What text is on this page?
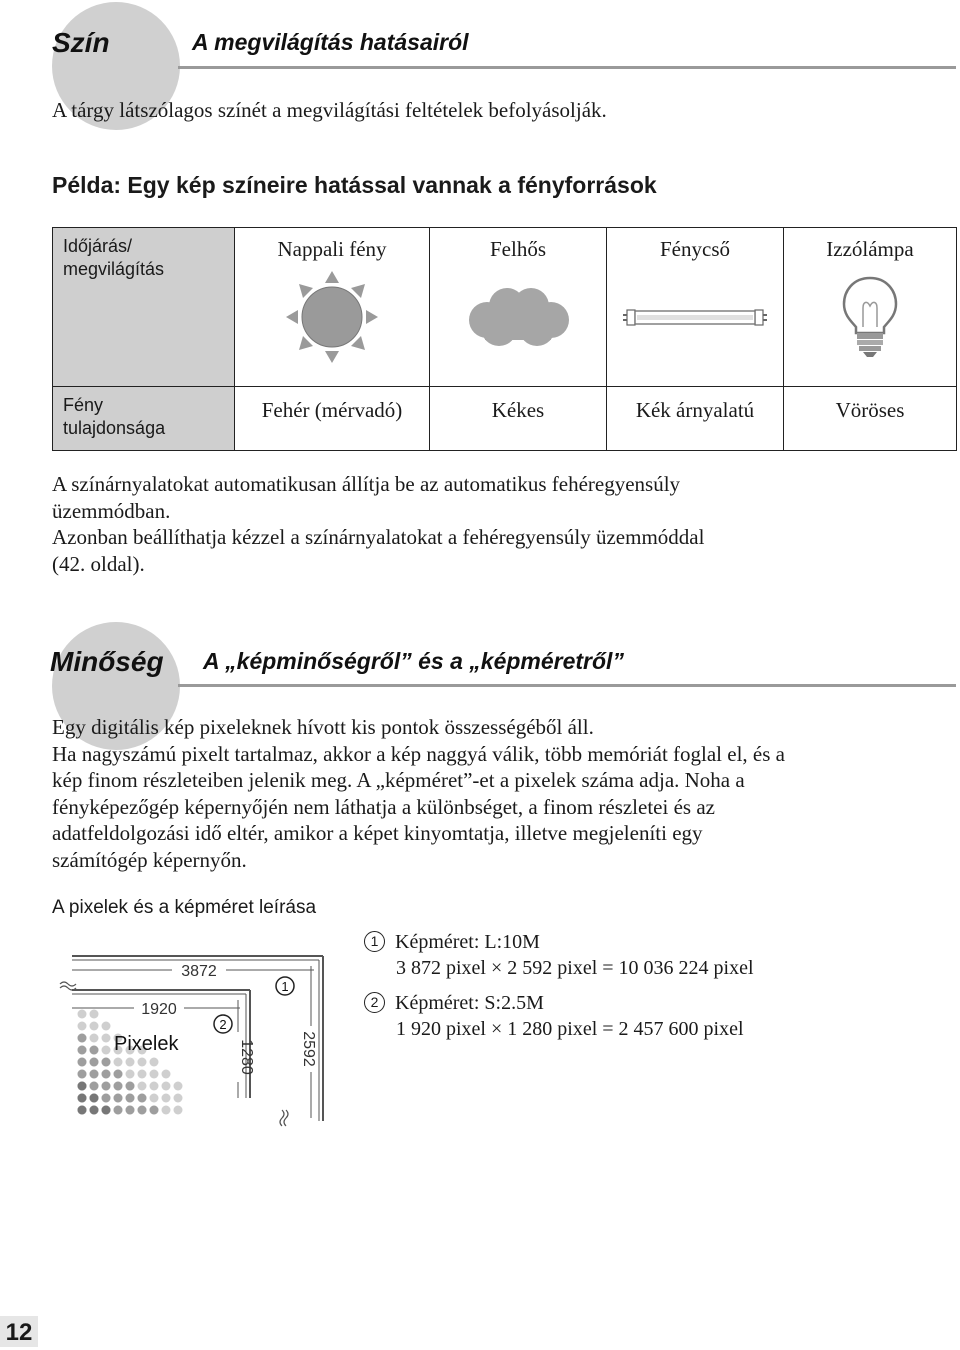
Szín	A megvilágítás hatásairól
A tárgy látszólagos színét a megvilágítási feltételek befolyásolják.
Példa: Egy kép színeire hatással vannak a fényforrások
Időjárás/
megvilágítás	Nappali fény	Felhős	Fénycső	Izzólámpa

Fény
tulajdonsága	Fehér (mérvadó)	Kékes	Kék árnyalatú	Vöröses
A színárnyalatokat automatikusan állítja be az automatikus fehéregyensúly
üzemmódban.
Azonban beállíthatja kézzel a színárnyalatokat a fehéregyensúly üzemmóddal
(42. oldal).
Minőség A „képminőségről” és a „képméretről”
Egy digitális kép pixeleknek hívott kis pontok összességéből áll.
Ha nagyszámú pixelt tartalmaz, akkor a kép naggyá válik, több memóriát foglal el, és a
kép finom részleteiben jelenik meg. A „képméret”-et a pixelek száma adja. Noha a
fényképezőgép képernyőjén nem láthatja a különbséget, a finom részletei és az
adatfeldolgozási idő eltér, amikor a képet kinyomtatja, illetve megjeleníti egy
számítógép képernyőn.
A pixelek és a képméret leírása
3872
1920
Pixelek	1280	2592
1
2
1 Képméret: L:10M
3 872 pixel × 2 592 pixel = 10 036 224 pixel
2 Képméret: S:2.5M
1 920 pixel × 1 280 pixel = 2 457 600 pixel
12
